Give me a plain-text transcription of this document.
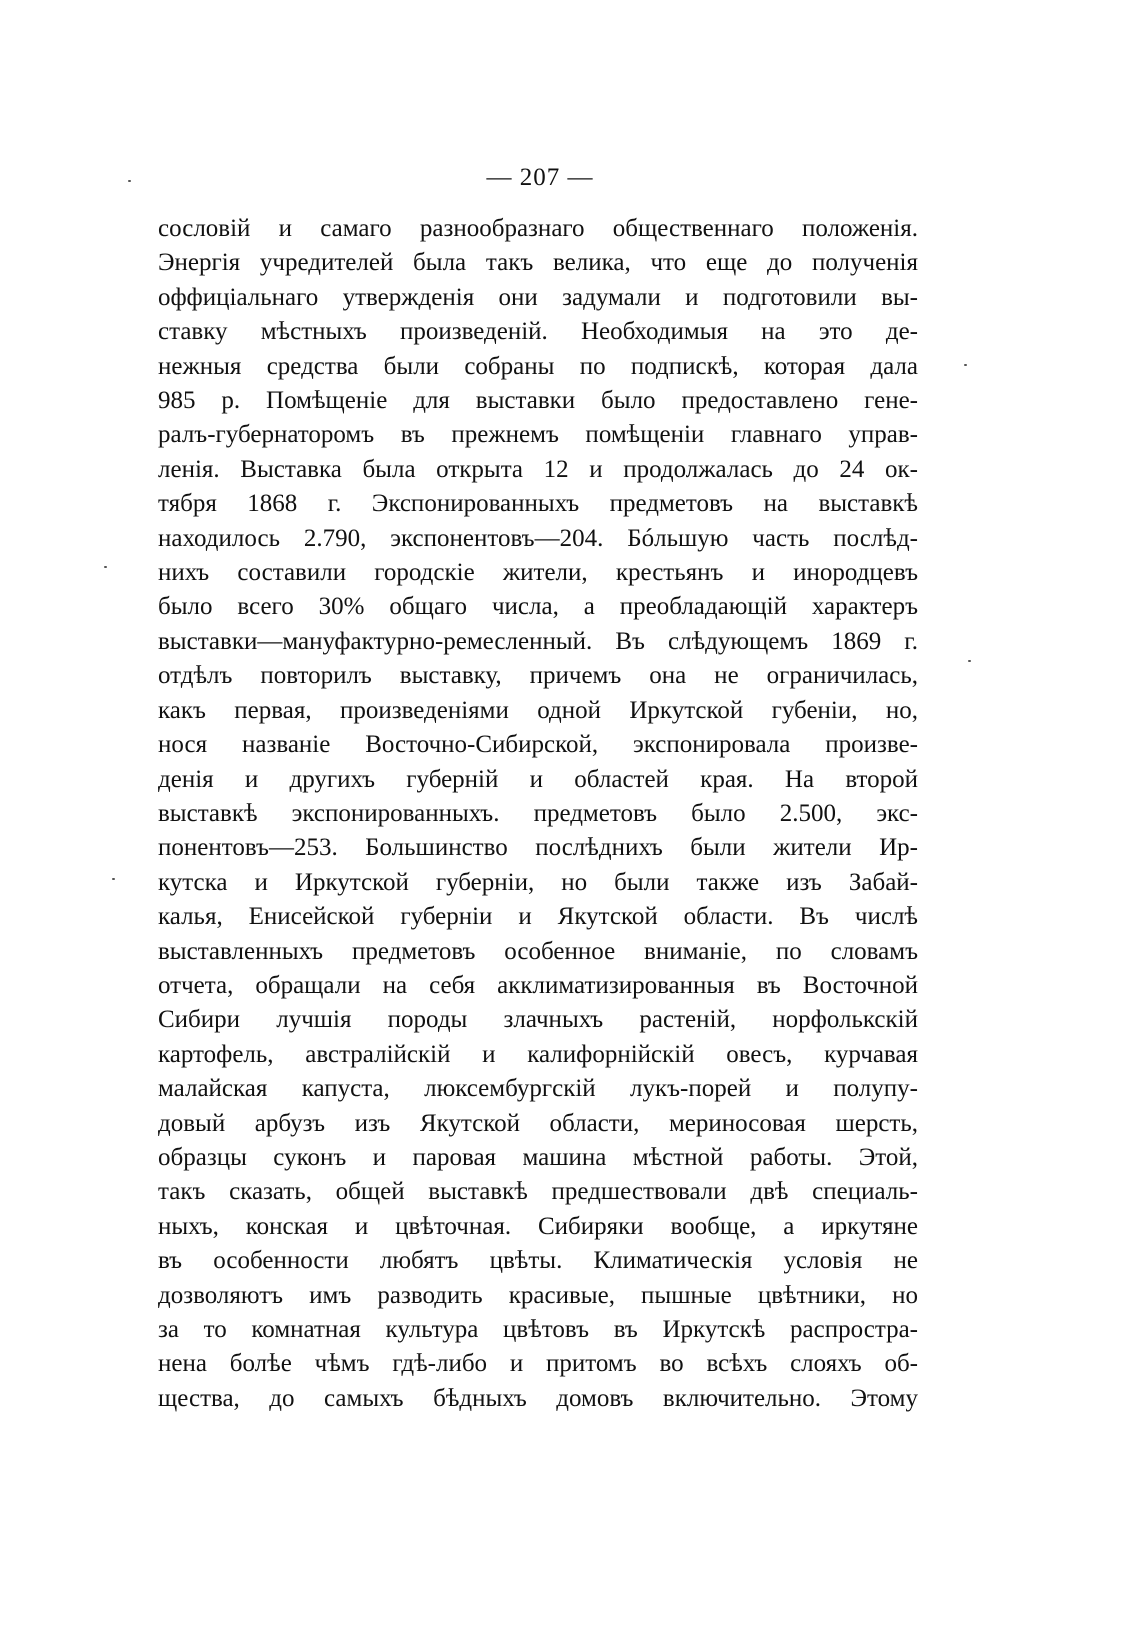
— 207 —
сословій и самаго разнообразнаго общественнаго положенія.
Энергія учредителей была такъ велика, что еще до полученія
оффиціальнаго утвержденія они задумали и подготовили вы-
ставку мѣстныхъ произведеній. Необходимыя на это де-
нежныя средства были собраны по подпискѣ, которая дала
985 р. Помѣщеніе для выставки было предоставлено гене-
ралъ-губернаторомъ въ прежнемъ помѣщеніи главнаго управ-
ленія. Выставка была открыта 12 и продолжалась до 24 ок-
тября 1868 г. Экспонированныхъ предметовъ на выставкѣ
находилось 2.790, экспонентовъ—204. Бóльшую часть послѣд-
нихъ составили городскіе жители, крестьянъ и инородцевъ
было всего 30% общаго числа, а преобладающій характеръ
выставки—мануфактурно-ремесленный. Въ слѣдующемъ 1869 г.
отдѣлъ повторилъ выставку, причемъ она не ограничилась,
какъ первая, произведеніями одной Иркутской губеніи, но,
нося названіе Восточно-Сибирской, экспонировала произве-
денія и другихъ губерній и областей края. На второй
выставкѣ экспонированныхъ. предметовъ было 2.500, экс-
понентовъ—253. Большинство послѣднихъ были жители Ир-
кутска и Иркутской губерніи, но были также изъ Забай-
калья, Енисейской губерніи и Якутской области. Въ числѣ
выставленныхъ предметовъ особенное вниманіе, по словамъ
отчета, обращали на себя акклиматизированныя въ Восточной
Сибири лучшія породы злачныхъ растеній, норфолькскій
картофель, австралійскій и калифорнійскій овесъ, курчавая
малайская капуста, люксембургскій лукъ-порей и полупу-
довый арбузъ изъ Якутской области, мериносовая шерсть,
образцы суконъ и паровая машина мѣстной работы. Этой,
такъ сказать, общей выставкѣ предшествовали двѣ специаль-
ныхъ, конская и цвѣточная. Сибиряки вообще, а иркутяне
въ особенности любятъ цвѣты. Климатическія условія не
дозволяютъ имъ разводить красивые, пышные цвѣтники, но
за то комнатная культура цвѣтовъ въ Иркутскѣ распростра-
нена болѣе чѣмъ гдѣ-либо и притомъ во всѣхъ слояхъ об-
щества, до самыхъ бѣдныхъ домовъ включительно. Этому
